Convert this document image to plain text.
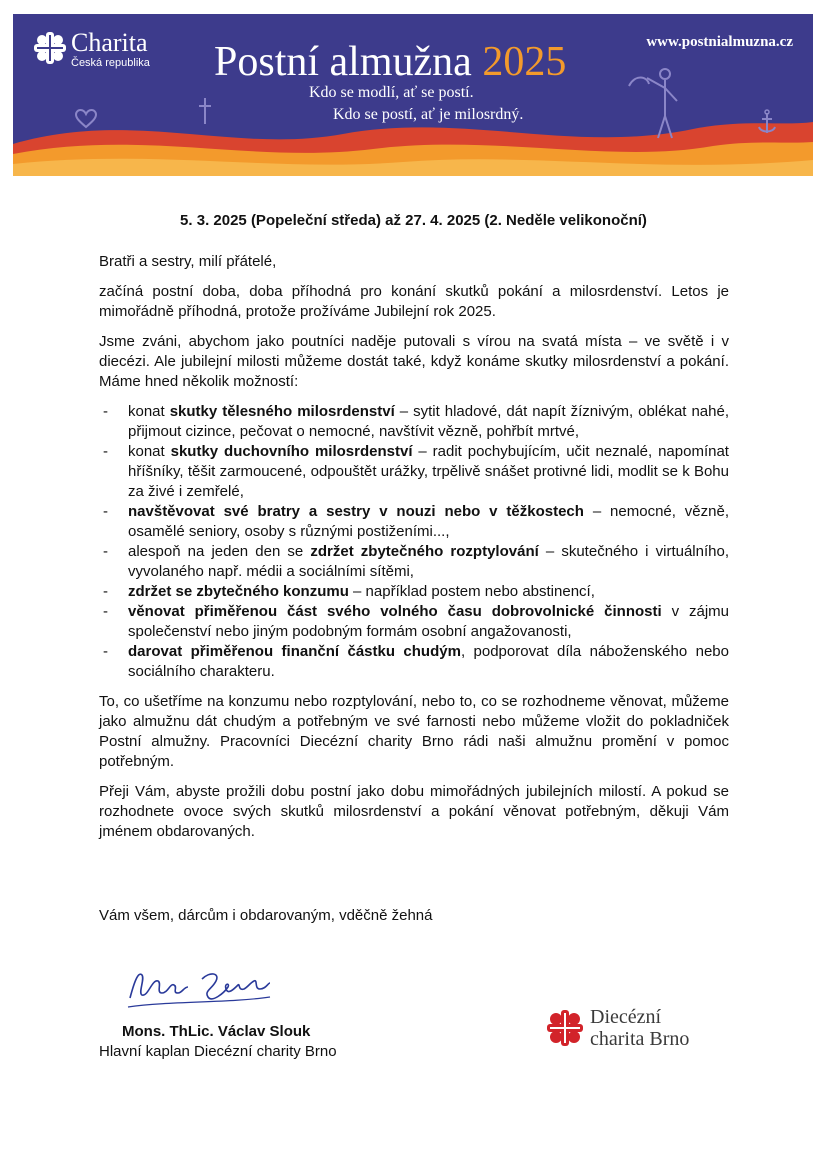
Charita
Česká republika Postní almužna 2025	www.postnialmuzna.cz
Kdo se modlí, ať se postí.
Kdo se postí, ať je milosrdný.
5. 3. 2025 (Popeleční středa) až 27. 4. 2025 (2. Neděle velikonoční)

Bratři a sestry, milí přátelé,

začíná postní doba, doba příhodná pro konání skutků pokání a milosrdenství. Letos je mimořádně příhodná, protože prožíváme Jubilejní rok 2025.

Jsme zváni, abychom jako poutníci naděje putovali s vírou na svatá místa – ve světě i v diecézi. Ale jubilejní milosti můžeme dostát také, když konáme skutky milosrdenství a pokání. Máme hned několik možností:

- konat skutky tělesného milosrdenství – sytit hladové, dát napít žíznivým, oblékat nahé, přijmout cizince, pečovat o nemocné, navštívit vězně, pohřbít mrtvé,
- konat skutky duchovního milosrdenství – radit pochybujícím, učit neznalé, napomínat hříšníky, těšit zarmoucené, odpouštět urážky, trpělivě snášet protivné lidi, modlit se k Bohu za živé i zemřelé,
- navštěvovat své bratry a sestry v nouzi nebo v těžkostech – nemocné, vězně, osamělé seniory, osoby s různými postiženími...,
- alespoň na jeden den se zdržet zbytečného rozptylování – skutečného i virtuálního, vyvolaného např. médii a sociálními sítěmi,
- zdržet se zbytečného konzumu – například postem nebo abstinencí,
- věnovat přiměřenou část svého volného času dobrovolnické činnosti v zájmu společenství nebo jiným podobným formám osobní angažovanosti,
- darovat přiměřenou finanční částku chudým, podporovat díla náboženského nebo sociálního charakteru.

To, co ušetříme na konzumu nebo rozptylování, nebo to, co se rozhodneme věnovat, můžeme jako almužnu dát chudým a potřebným ve své farnosti nebo můžeme vložit do pokladniček Postní almužny. Pracovníci Diecézní charity Brno rádi naši almužnu promění v pomoc potřebným.

Přeji Vám, abyste prožili dobu postní jako dobu mimořádných jubilejních milostí. A pokud se rozhodnete ovoce svých skutků milosrdenství a pokání věnovat potřebným, děkuji Vám jménem obdarovaných.

Vám všem, dárcům i obdarovaným, vděčně žehná
Mons. ThLic. Václav Slouk
Hlavní kaplan Diecézní charity Brno
Diecézní
charita Brno
